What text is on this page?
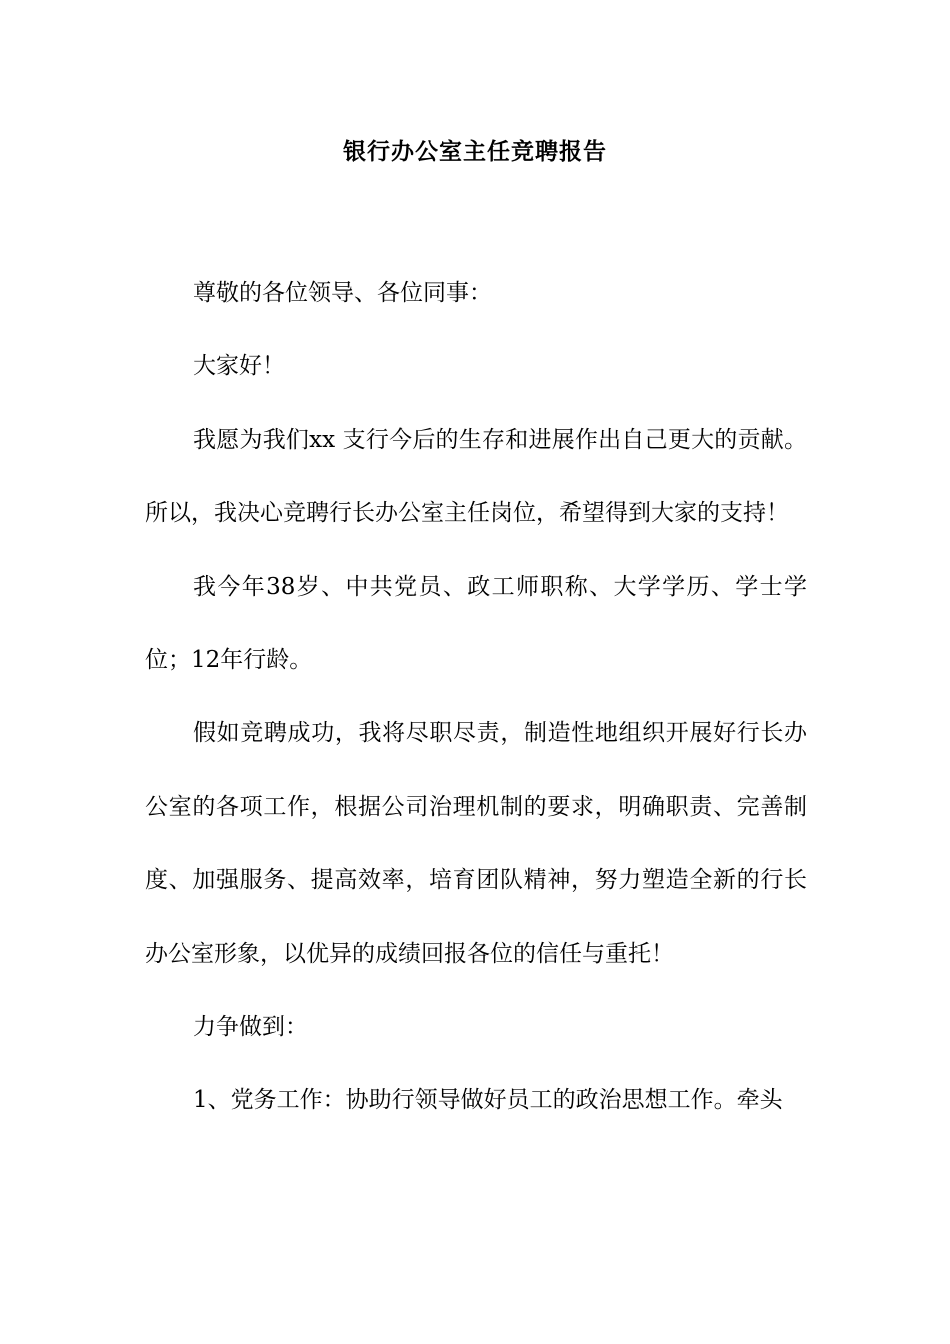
银行办公室主任竞聘报告

尊敬的各位领导、各位同事：

大家好！

我愿为我们xx 支行今后的生存和进展作出自己更大的贡献。所以，我决心竞聘行长办公室主任岗位，希望得到大家的支持！

我今年38岁、中共党员、政工师职称、大学学历、学士学位；12年行龄。

假如竞聘成功，我将尽职尽责，制造性地组织开展好行长办公室的各项工作，根据公司治理机制的要求，明确职责、完善制度、加强服务、提高效率，培育团队精神，努力塑造全新的行长办公室形象，以优异的成绩回报各位的信任与重托！

力争做到：

1、党务工作：协助行领导做好员工的政治思想工作。牵头
